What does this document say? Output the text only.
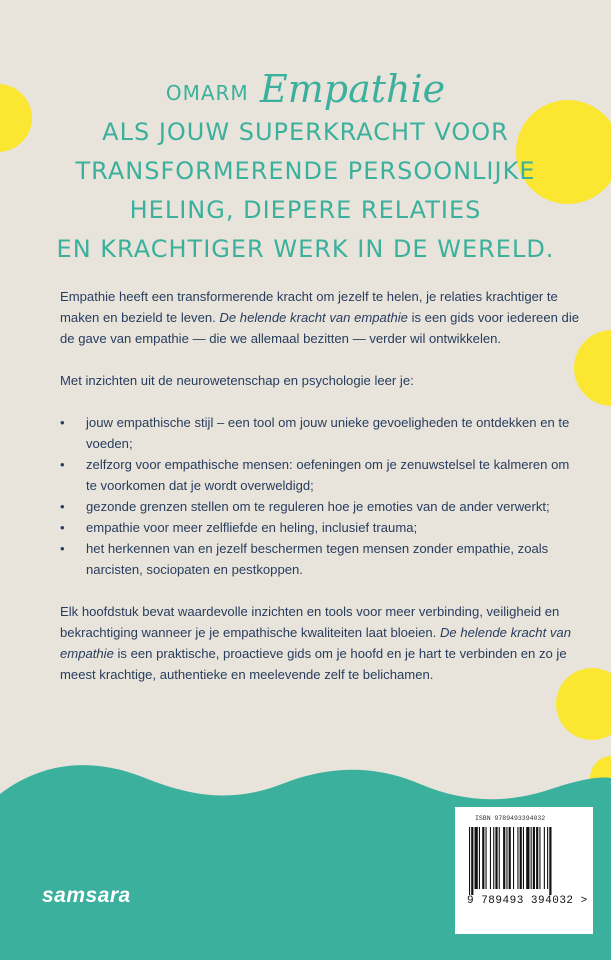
OMARM Empathie
ALS JOUW SUPERKRACHT VOOR
TRANSFORMERENDE PERSOONLIJKE
HELING, DIEPERE RELATIES
EN KRACHTIGER WERK IN DE WERELD.

Empathie heeft een transformerende kracht om jezelf te helen, je relaties krachtiger te maken en bezield te leven. De helende kracht van empathie is een gids voor iedereen die de gave van empathie — die we allemaal bezitten — verder wil ontwikkelen.

Met inzichten uit de neurowetenschap en psychologie leer je:

• jouw empathische stijl – een tool om jouw unieke gevoeligheden te ontdekken en te voeden;
• zelfzorg voor empathische mensen: oefeningen om je zenuwstelsel te kalmeren om te voorkomen dat je wordt overweldigd;
• gezonde grenzen stellen om te reguleren hoe je emoties van de ander verwerkt;
• empathie voor meer zelfliefde en heling, inclusief trauma;
• het herkennen van en jezelf beschermen tegen mensen zonder empathie, zoals narcisten, sociopaten en pestkoppen.

Elk hoofdstuk bevat waardevolle inzichten en tools voor meer verbinding, veiligheid en bekrachtiging wanneer je je empathische kwaliteiten laat bloeien. De helende kracht van empathie is een praktische, proactieve gids om je hoofd en je hart te verbinden en zo je meest krachtige, authentieke en meelevende zelf te belichamen.

samsara
ISBN 9789493394032
9 789493 394032 >
